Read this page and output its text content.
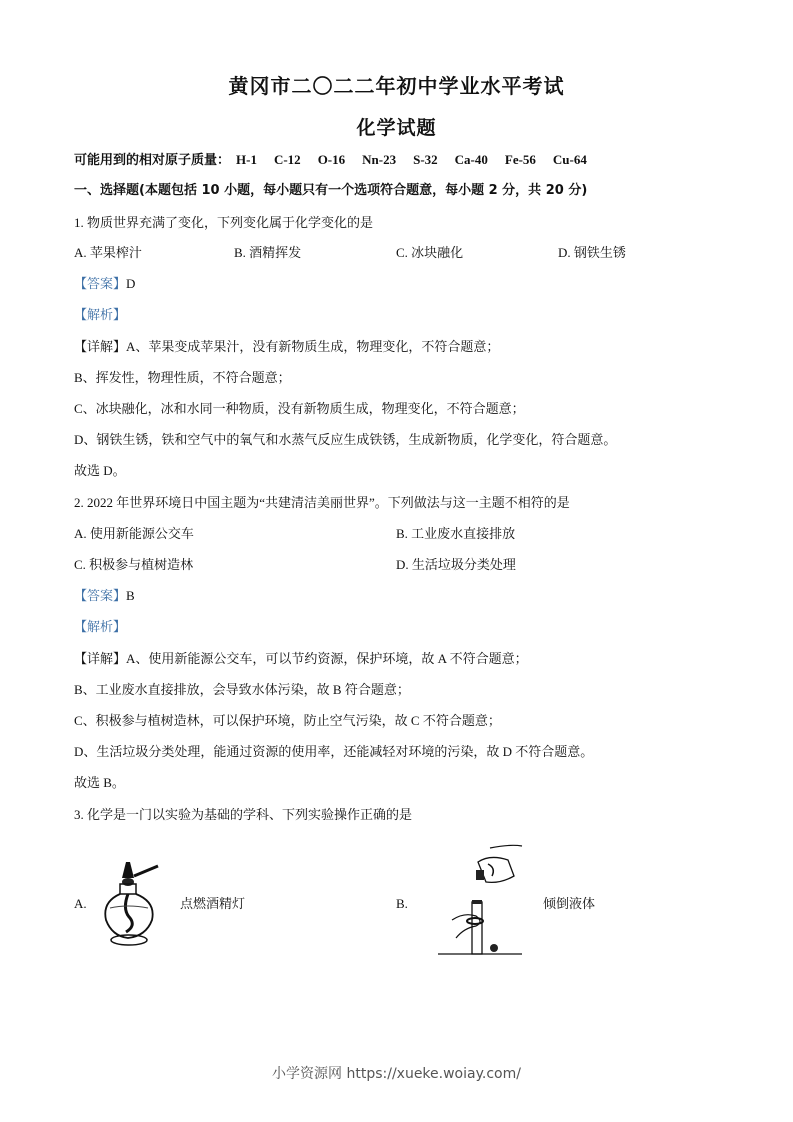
黄冈市二〇二二年初中学业水平考试
化学试题
可能用到的相对原子质量： H-1 C-12 O-16 Nn-23 S-32 Ca-40 Fe-56 Cu-64
一、选择题(本题包括 10 小题，每小题只有一个选项符合题意，每小题 2 分，共 20 分)
1. 物质世界充满了变化，下列变化属于化学变化的是
A. 苹果榨汁	B. 酒精挥发	C. 冰块融化	D. 钢铁生锈
【答案】D
【解析】
【详解】A、苹果变成苹果汁，没有新物质生成，物理变化，不符合题意；
B、挥发性，物理性质，不符合题意；
C、冰块融化，冰和水同一种物质，没有新物质生成，物理变化，不符合题意；
D、钢铁生锈，铁和空气中的氧气和水蒸气反应生成铁锈，生成新物质，化学变化，符合题意。
故选 D。
2. 2022 年世界环境日中国主题为“共建清洁美丽世界”。下列做法与这一主题不相符的是
A. 使用新能源公交车	B. 工业废水直接排放
C. 积极参与植树造林	D. 生活垃圾分类处理
【答案】B
【解析】
【详解】A、使用新能源公交车，可以节约资源，保护环境，故 A 不符合题意；
B、工业废水直接排放，会导致水体污染，故 B 符合题意；
C、积极参与植树造林，可以保护环境，防止空气污染，故 C 不符合题意；
D、生活垃圾分类处理，能通过资源的使用率，还能减轻对环境的污染，故 D 不符合题意。
故选 B。
3. 化学是一门以实验为基础的学科、下列实验操作正确的是
A.	点燃酒精灯	B.	倾倒液体
小学资源网 https://xueke.woiay.com/
